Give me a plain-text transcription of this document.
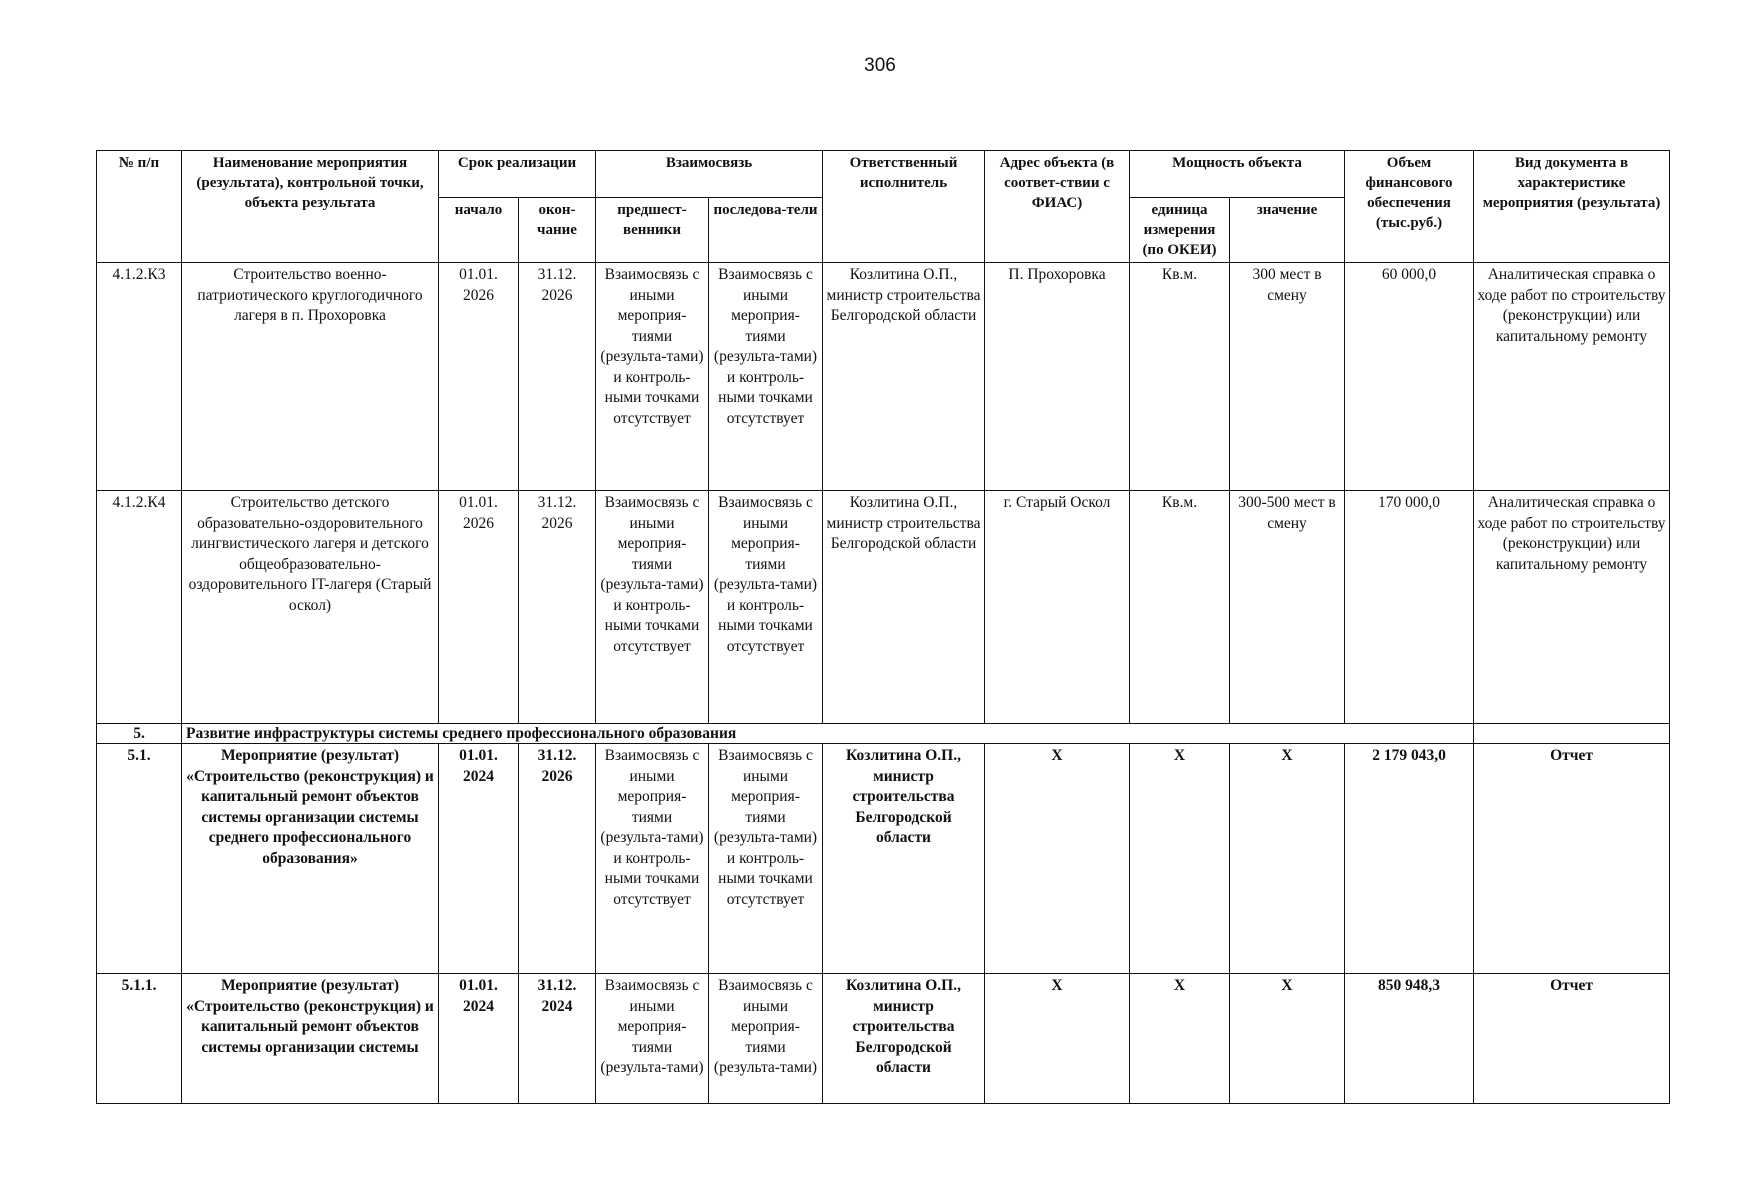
306
№ п/п	Наименование мероприятия (результата), контрольной точки, объекта результата	Срок реализации		Взаимосвязь		Ответственный исполнитель	Адрес объекта (в соответ-ствии с ФИАС)	Мощность объекта		Объем финансового обеспечения (тыс.руб.)	Вид документа в характеристике мероприятия (результата)
		начало	окон-чание	предшест-венники	последова-тели			единица измерения (по ОКЕИ)	значение		
4.1.2.К3	Строительство военно-патриотического круглогодичного лагеря в п. Прохоровка	01.01. 2026	31.12. 2026	Взаимосвязь с иными мероприя-тиями (результа-тами) и контроль-ными точками отсутствует	Взаимосвязь с иными мероприя-тиями (результа-тами) и контроль-ными точками отсутствует	Козлитина О.П., министр строительства Белгородской области	П. Прохоровка	Кв.м.	300 мест в смену	60 000,0	Аналитическая справка о ходе работ по строительству (реконструкции) или капитальному ремонту
4.1.2.К4	Строительство детского образовательно-оздоровительного лингвистического лагеря и детского общеобразовательно-оздоровительного IT-лагеря (Старый оскол)	01.01. 2026	31.12. 2026	Взаимосвязь с иными мероприя-тиями (результа-тами) и контроль-ными точками отсутствует	Взаимосвязь с иными мероприя-тиями (результа-тами) и контроль-ными точками отсутствует	Козлитина О.П., министр строительства Белгородской области	г. Старый Оскол	Кв.м.	300-500 мест в смену	170 000,0	Аналитическая справка о ходе работ по строительству (реконструкции) или капитальному ремонту
5.	Развитие инфраструктуры системы среднего профессионального образования										
5.1.	Мероприятие (результат) «Строительство (реконструкция) и капитальный ремонт объектов системы организации системы среднего профессионального образования»	01.01. 2024	31.12. 2026	Взаимосвязь с иными мероприя-тиями (результа-тами) и контроль-ными точками отсутствует	Взаимосвязь с иными мероприя-тиями (результа-тами) и контроль-ными точками отсутствует	Козлитина О.П., министр строительства Белгородской области	Х	Х	Х	2 179 043,0	Отчет
5.1.1.	Мероприятие (результат) «Строительство (реконструкция) и капитальный ремонт объектов системы организации системы	01.01. 2024	31.12. 2024	Взаимосвязь с иными мероприя-тиями (результа-тами)	Взаимосвязь с иными мероприя-тиями (результа-тами)	Козлитина О.П., министр строительства Белгородской области	Х	Х	Х	850 948,3	Отчет
